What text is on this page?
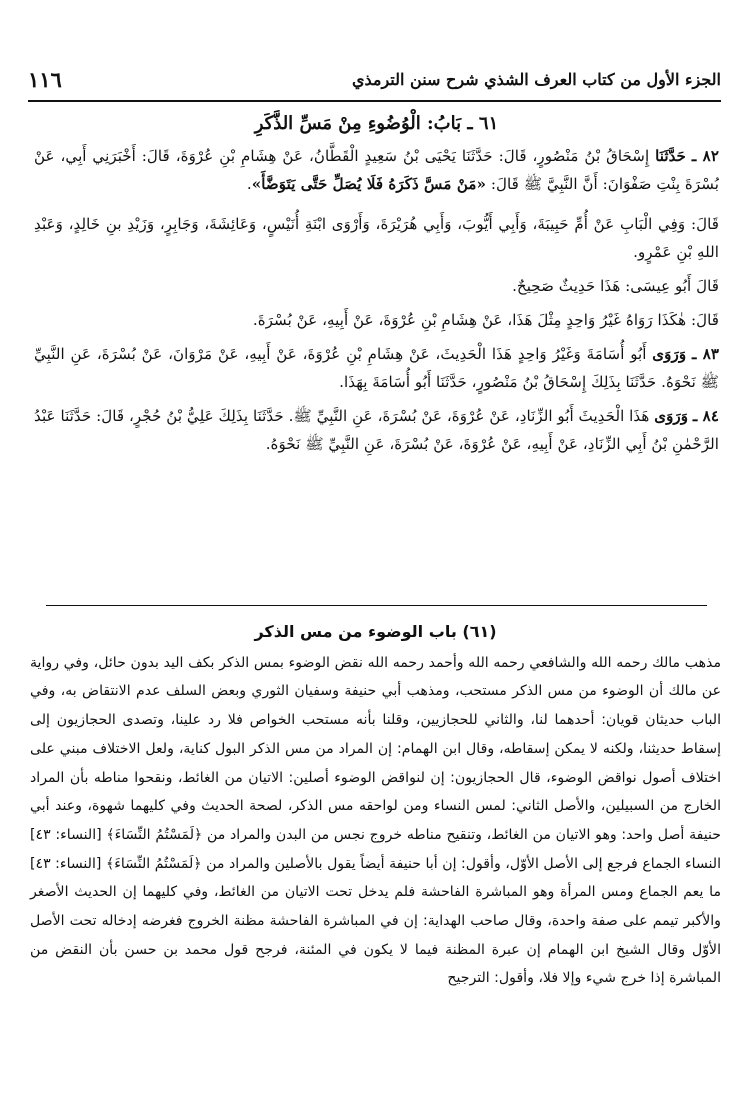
الجزء الأول من كتاب العرف الشذي شرح سنن الترمذي
١١٦
٦١ ـ بَابُ: الْوُضُوءِ مِنْ مَسِّ الذَّكَرِ

٨٢ ـ حَدَّثَنَا إِسْحَاقُ بْنُ مَنْصُورٍ، قَالَ: حَدَّثَنَا يَحْيَى بْنُ سَعِيدٍ الْقَطَّانُ، عَنْ هِشَامِ بْنِ عُرْوَةَ، قَالَ: أَخْبَرَنِي أَبِي، عَنْ بُسْرَةَ بِنْتِ صَفْوَانَ: أَنَّ النَّبِيَّ ﷺ قَالَ: «مَنْ مَسَّ ذَكَرَهُ فَلَا يُصَلِّ حَتَّى يَتَوَضَّأَ».

قَالَ: وَفِي الْبَابِ عَنْ أُمِّ حَبِيبَةَ، وَأَبِي أَيُّوبَ، وَأَبِي هُرَيْرَةَ، وَأَرْوَى ابْنَةِ أُنَيْسٍ، وَعَائِشَةَ، وَجَابِرٍ، وَزَيْدِ بنِ خَالِدٍ، وَعَبْدِ اللهِ بْنِ عَمْرٍو.

قَالَ أَبُو عِيسَى: هَذَا حَدِيثٌ صَحِيحٌ.

قَالَ: هٰكَذَا رَوَاهُ غَيْرُ وَاحِدٍ مِثْلَ هَذَا، عَنْ هِشَامِ بْنِ عُرْوَةَ، عَنْ أَبِيهِ، عَنْ بُسْرَةَ.

٨٣ ـ وَرَوَى أَبُو أُسَامَةَ وَغَيْرُ وَاحِدٍ هَذَا الْحَدِيثَ، عَنْ هِشَامِ بْنِ عُرْوَةَ، عَنْ أَبِيهِ، عَنْ مَرْوَانَ، عَنْ بُسْرَةَ، عَنِ النَّبِيِّ ﷺ نَحْوَهُ. حَدَّثَنَا بِذَلِكَ إِسْحَاقُ بْنُ مَنْصُورٍ، حَدَّثَنَا أَبُو أُسَامَةَ بِهَذَا.

٨٤ ـ وَرَوَى هَذَا الْحَدِيثَ أَبُو الزِّنَادِ، عَنْ عُرْوَةَ، عَنْ بُسْرَةَ، عَنِ النَّبِيِّ ﷺ. حَدَّثَنَا بِذَلِكَ عَلِيُّ بْنُ حُجْرٍ، قَالَ: حَدَّثَنَا عَبْدُ الرَّحْمٰنِ بْنُ أَبِي الزِّنَادِ، عَنْ أَبِيهِ، عَنْ عُرْوَةَ، عَنْ بُسْرَةَ، عَنِ النَّبِيِّ ﷺ نَحْوَهُ.

(٦١) باب الوضوء من مس الذكر

مذهب مالك رحمه الله والشافعي رحمه الله وأحمد رحمه الله نقض الوضوء بمس الذكر بكف اليد بدون حائل، وفي رواية عن مالك أن الوضوء من مس الذكر مستحب، ومذهب أبي حنيفة وسفيان الثوري وبعض السلف عدم الانتقاض به، وفي الباب حديثان قويان: أحدهما لنا، والثاني للحجازيين، وقلنا بأنه مستحب الخواص فلا رد علينا، وتصدى الحجازيون إلى إسقاط حديثنا، ولكنه لا يمكن إسقاطه، وقال ابن الهمام: إن المراد من مس الذكر البول كناية، ولعل الاختلاف مبني على اختلاف أصول نواقض الوضوء، قال الحجازيون: إن لنواقض الوضوء أصلين: الاتيان من الغائط، ونقحوا مناطه بأن المراد الخارج من السبيلين، والأصل الثاني: لمس النساء ومن لواحقه مس الذكر، لصحة الحديث وفي كليهما شهوة، وعند أبي حنيفة أصل واحد: وهو الاتيان من الغائط، وتنقيح مناطه خروج نجس من البدن والمراد من ﴿لَمَسْتُمُ النِّسَاءَ﴾ [النساء: ٤٣] النساء الجماع فرجع إلى الأصل الأوّل، وأقول: إن أبا حنيفة أيضاً يقول بالأصلين والمراد من ﴿لَمَسْتُمُ النِّسَاءَ﴾ [النساء: ٤٣] ما يعم الجماع ومس المرأة وهو المباشرة الفاحشة فلم يدخل تحت الاتيان من الغائط، وفي كليهما إن الحديث الأصغر والأكبر تيمم على صفة واحدة، وقال صاحب الهداية: إن في المباشرة الفاحشة مظنة الخروج فغرضه إدخاله تحت الأصل الأوّل وقال الشيخ ابن الهمام إن عبرة المظنة فيما لا يكون في المئنة، فرجح قول محمد بن حسن بأن النقض من المباشرة إذا خرج شيء وإلا فلا، وأقول: الترجيح
